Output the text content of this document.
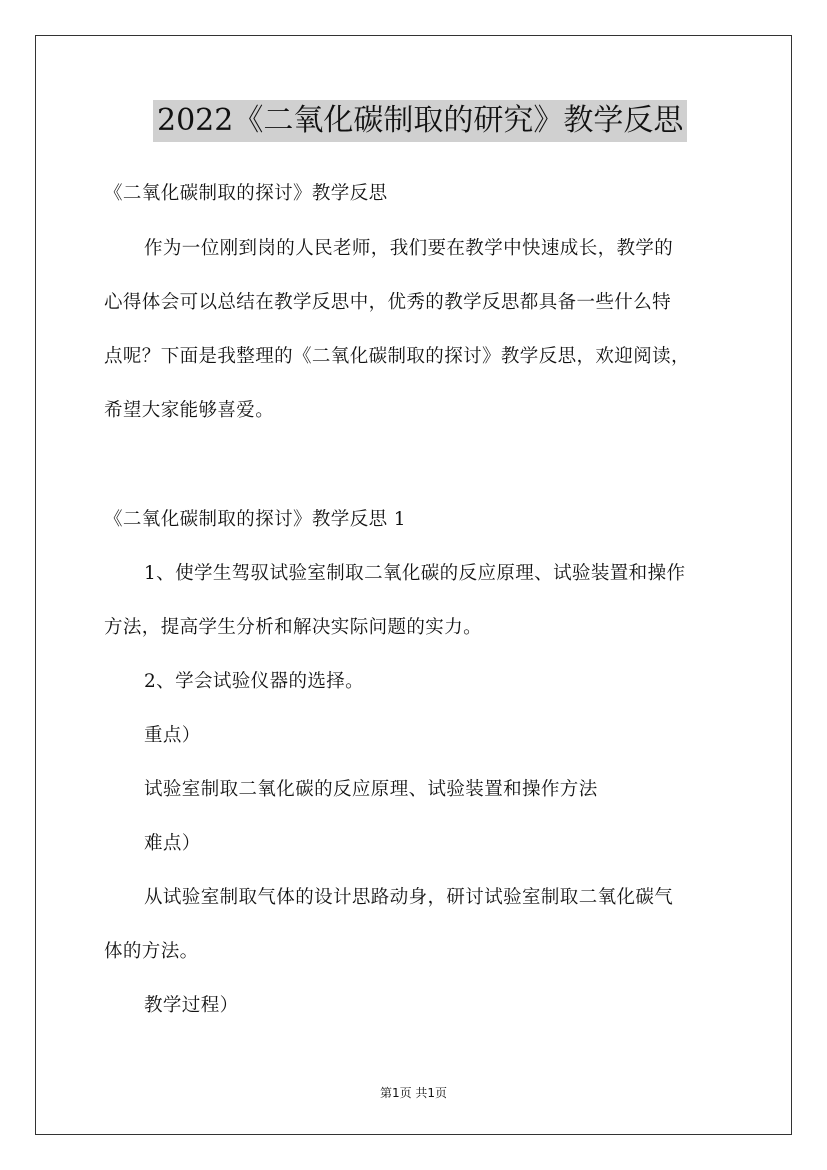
2022《二氧化碳制取的研究》教学反思
《二氧化碳制取的探讨》教学反思
作为一位刚到岗的人民老师，我们要在教学中快速成长，教学的
心得体会可以总结在教学反思中，优秀的教学反思都具备一些什么特
点呢？下面是我整理的《二氧化碳制取的探讨》教学反思，欢迎阅读，
希望大家能够喜爱。
《二氧化碳制取的探讨》教学反思 1
1、使学生驾驭试验室制取二氧化碳的反应原理、试验装置和操作
方法，提高学生分析和解决实际问题的实力。
2、学会试验仪器的选择。
重点）
试验室制取二氧化碳的反应原理、试验装置和操作方法
难点）
从试验室制取气体的设计思路动身，研讨试验室制取二氧化碳气
体的方法。
教学过程）
第1页 共1页
